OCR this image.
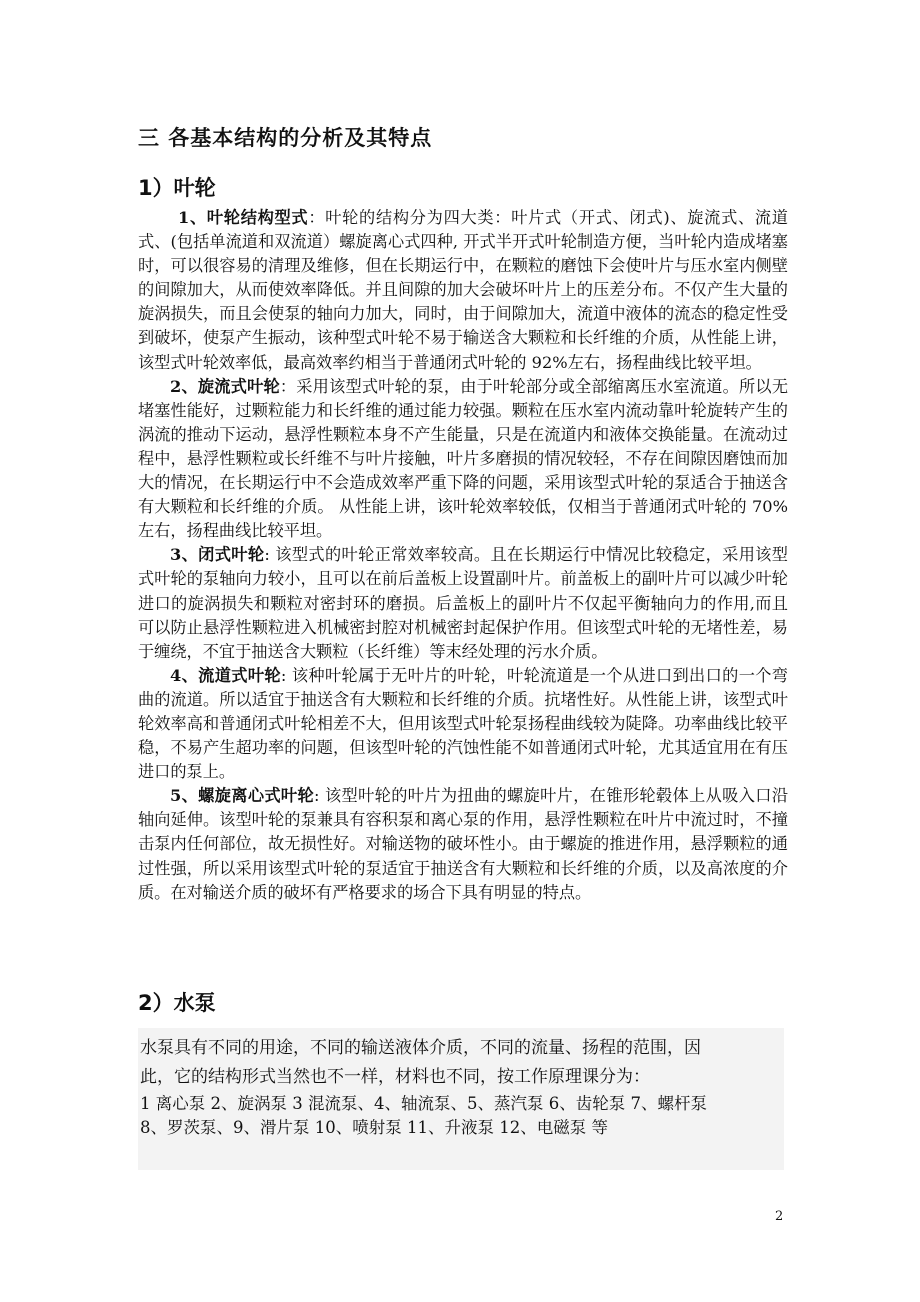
三 各基本结构的分析及其特点
1）叶轮

1、叶轮结构型式：叶轮的结构分为四大类：叶片式（开式、闭式)、旋流式、流道式、(包括单流道和双流道）螺旋离心式四种, 开式半开式叶轮制造方便，当叶轮内造成堵塞时，可以很容易的清理及维修，但在长期运行中，在颗粒的磨蚀下会使叶片与压水室内侧壁的间隙加大，从而使效率降低。并且间隙的加大会破坏叶片上的压差分布。不仅产生大量的旋涡损失，而且会使泵的轴向力加大，同时，由于间隙加大，流道中液体的流态的稳定性受到破坏，使泵产生振动，该种型式叶轮不易于输送含大颗粒和长纤维的介质，从性能上讲，该型式叶轮效率低，最高效率约相当于普通闭式叶轮的 92%左右，扬程曲线比较平坦。

2、旋流式叶轮：采用该型式叶轮的泵，由于叶轮部分或全部缩离压水室流道。所以无堵塞性能好，过颗粒能力和长纤维的通过能力较强。颗粒在压水室内流动靠叶轮旋转产生的涡流的推动下运动，悬浮性颗粒本身不产生能量，只是在流道内和液体交换能量。在流动过程中，悬浮性颗粒或长纤维不与叶片接触，叶片多磨损的情况较轻，不存在间隙因磨蚀而加大的情况，在长期运行中不会造成效率严重下降的问题，采用该型式叶轮的泵适合于抽送含有大颗粒和长纤维的介质。 从性能上讲，该叶轮效率较低，仅相当于普通闭式叶轮的 70%左右，扬程曲线比较平坦。

3、闭式叶轮: 该型式的叶轮正常效率较高。且在长期运行中情况比较稳定，采用该型式叶轮的泵轴向力较小，且可以在前后盖板上设置副叶片。前盖板上的副叶片可以减少叶轮进口的旋涡损失和颗粒对密封环的磨损。后盖板上的副叶片不仅起平衡轴向力的作用,而且可以防止悬浮性颗粒进入机械密封腔对机械密封起保护作用。但该型式叶轮的无堵性差，易于缠绕，不宜于抽送含大颗粒（长纤维）等末经处理的污水介质。

4、流道式叶轮: 该种叶轮属于无叶片的叶轮，叶轮流道是一个从进口到出口的一个弯曲的流道。所以适宜于抽送含有大颗粒和长纤维的介质。抗堵性好。从性能上讲，该型式叶轮效率高和普通闭式叶轮相差不大，但用该型式叶轮泵扬程曲线较为陡降。功率曲线比较平稳，不易产生超功率的问题，但该型叶轮的汽蚀性能不如普通闭式叶轮，尤其适宜用在有压进口的泵上。

5、螺旋离心式叶轮: 该型叶轮的叶片为扭曲的螺旋叶片，在锥形轮毂体上从吸入口沿轴向延伸。该型叶轮的泵兼具有容积泵和离心泵的作用，悬浮性颗粒在叶片中流过时，不撞击泵内任何部位，故无损性好。对输送物的破坏性小。由于螺旋的推进作用，悬浮颗粒的通过性强，所以采用该型式叶轮的泵适宜于抽送含有大颗粒和长纤维的介质，以及高浓度的介质。在对输送介质的破坏有严格要求的场合下具有明显的特点。

2）水泵
水泵具有不同的用途，不同的输送液体介质，不同的流量、扬程的范围，因
此，它的结构形式当然也不一样，材料也不同，按工作原理课分为：
1 离心泵 2、旋涡泵 3 混流泵、4、轴流泵、5、蒸汽泵 6、齿轮泵 7、螺杆泵
8、罗茨泵、9、滑片泵 10、喷射泵 11、升液泵 12、电磁泵 等
2
